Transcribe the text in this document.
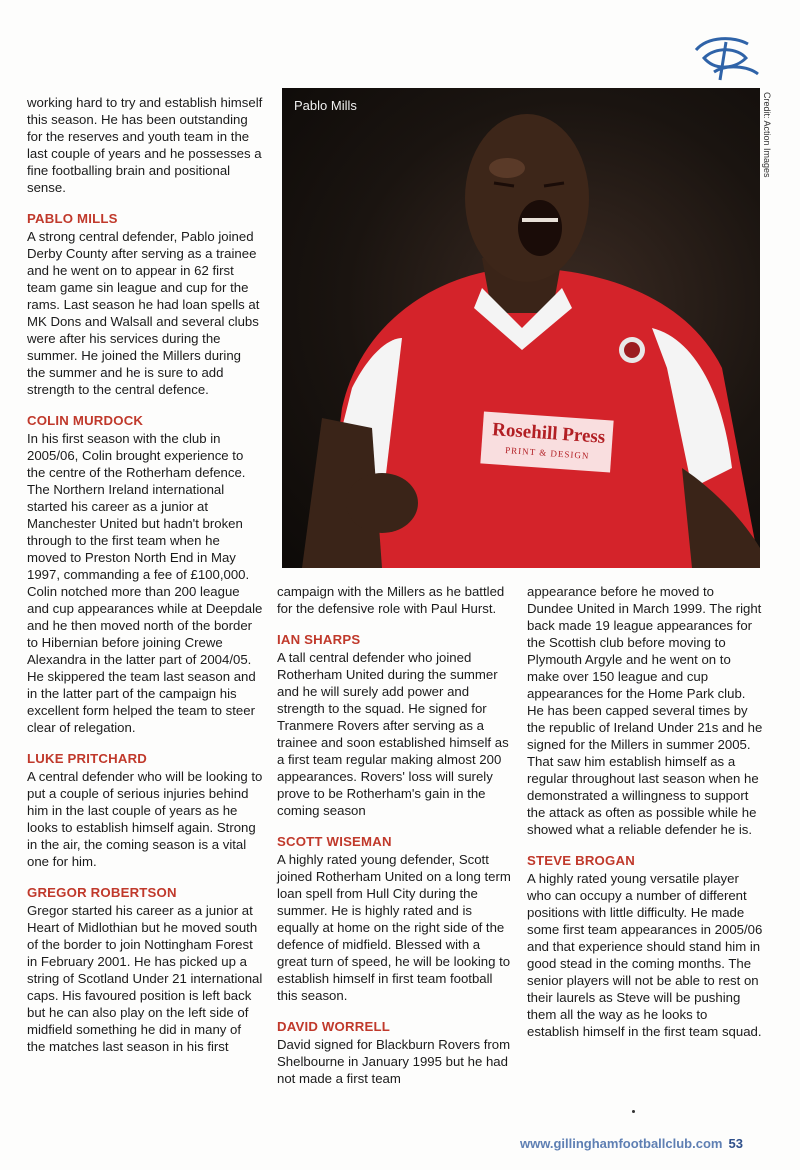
Rosehill Press
PRINT & DESIGN
Pablo Mills	Credit: Action Images

working hard to try and establish himself this season. He has been outstanding for the reserves and youth team in the last couple of years and he possesses a fine footballing brain and positional sense.

PABLO MILLS

A strong central defender, Pablo joined Derby County after serving as a trainee and he went on to appear in 62 first team game sin league and cup for the rams. Last season he had loan spells at MK Dons and Walsall and several clubs were after his services during the summer. He joined the Millers during the summer and he is sure to add strength to the central defence.

COLIN MURDOCK

In his first season with the club in 2005/06, Colin brought experience to the centre of the Rotherham defence. The Northern Ireland international started his career as a junior at Manchester United but hadn't broken through to the first team when he moved to Preston North End in May 1997, commanding a fee of £100,000. Colin notched more than 200 league and cup appearances while at Deepdale and he then moved north of the border to Hibernian before joining Crewe Alexandra in the latter part of 2004/05. He skippered the team last season and in the latter part of the campaign his excellent form helped the team to steer clear of relegation.

LUKE PRITCHARD

A central defender who will be looking to put a couple of serious injuries behind him in the last couple of years as he looks to establish himself again. Strong in the air, the coming season is a vital one for him.

GREGOR ROBERTSON

Gregor started his career as a junior at Heart of Midlothian but he moved south of the border to join Nottingham Forest in February 2001. He has picked up a string of Scotland Under 21 international caps. His favoured position is left back but he can also play on the left side of midfield something he did in many of the matches last season in his first

campaign with the Millers as he battled for the defensive role with Paul Hurst.

IAN SHARPS

A tall central defender who joined Rotherham United during the summer and he will surely add power and strength to the squad. He signed for Tranmere Rovers after serving as a trainee and soon established himself as a first team regular making almost 200 appearances. Rovers' loss will surely prove to be Rotherham's gain in the coming season

SCOTT WISEMAN

A highly rated young defender, Scott joined Rotherham United on a long term loan spell from Hull City during the summer. He is highly rated and is equally at home on the right side of the defence of midfield. Blessed with a great turn of speed, he will be looking to establish himself in first team football this season.

DAVID WORRELL

David signed for Blackburn Rovers from Shelbourne in January 1995 but he had not made a first team

appearance before he moved to Dundee United in March 1999. The right back made 19 league appearances for the Scottish club before moving to Plymouth Argyle and he went on to make over 150 league and cup appearances for the Home Park club. He has been capped several times by the republic of Ireland Under 21s and he signed for the Millers in summer 2005.

That saw him establish himself as a regular throughout last season when he demonstrated a willingness to support the attack as often as possible while he showed what a reliable defender he is.

STEVE BROGAN

A highly rated young versatile player who can occupy a number of different positions with little difficulty. He made some first team appearances in 2005/06 and that experience should stand him in good stead in the coming months. The senior players will not be able to rest on their laurels as Steve will be pushing them all the way as he looks to establish himself in the first team squad.

www.gillinghamfootballclub.com 53
